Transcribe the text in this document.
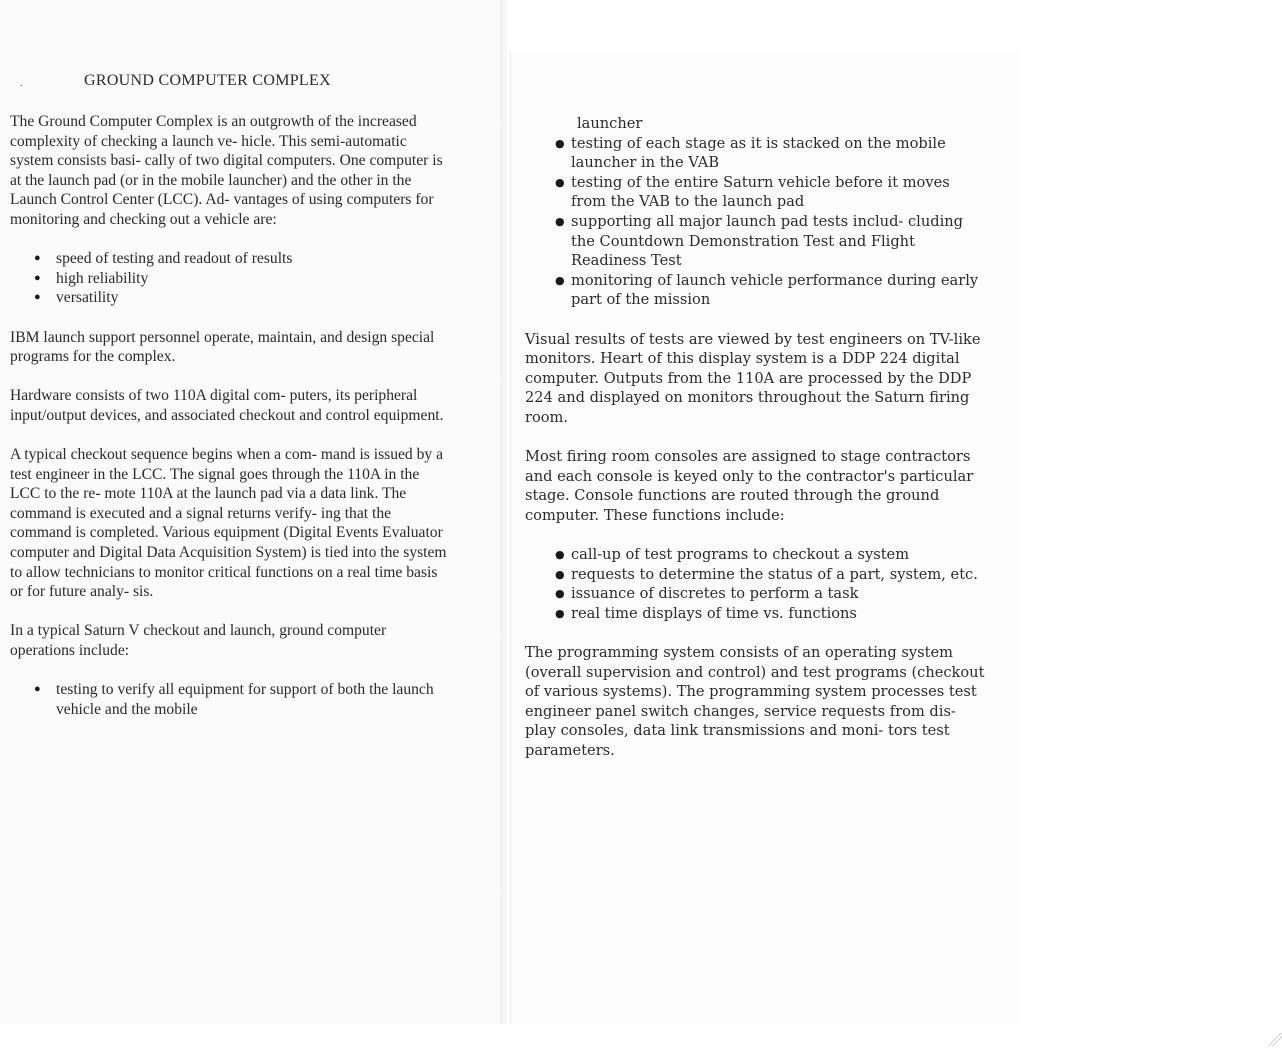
.	GROUND COMPUTER COMPLEX

The Ground Computer Complex is an outgrowth of the increased complexity of checking a launch ve- hicle. This semi-automatic system consists basi- cally of two digital computers. One computer is at the launch pad (or in the mobile launcher) and the other in the Launch Control Center (LCC). Ad- vantages of using computers for monitoring and checking out a vehicle are:

● speed of testing and readout of results
● high reliability
● versatility

IBM launch support personnel operate, maintain, and design special programs for the complex.

Hardware consists of two 110A digital com- puters, its peripheral input/output devices, and associated checkout and control equipment.

A typical checkout sequence begins when a com- mand is issued by a test engineer in the LCC. The signal goes through the 110A in the LCC to the re- mote 110A at the launch pad via a data link. The command is executed and a signal returns verify- ing that the command is completed. Various equipment (Digital Events Evaluator computer and Digital Data Acquisition System) is tied into the system to allow technicians to monitor critical functions on a real time basis or for future analy- sis.

In a typical Saturn V checkout and launch, ground computer operations include:

● testing to verify all equipment for support of both the launch vehicle and the mobile
launcher
● testing of each stage as it is stacked on the mobile launcher in the VAB
● testing of the entire Saturn vehicle before it moves from the VAB to the launch pad
● supporting all major launch pad tests includ- cluding the Countdown Demonstration Test and Flight Readiness Test
● monitoring of launch vehicle performance during early part of the mission

Visual results of tests are viewed by test engineers on TV-like monitors. Heart of this display system is a DDP 224 digital computer. Outputs from the 110A are processed by the DDP 224 and displayed on monitors throughout the Saturn firing room.

Most firing room consoles are assigned to stage contractors and each console is keyed only to the contractor's particular stage. Console functions are routed through the ground computer. These functions include:

● call-up of test programs to checkout a system
● requests to determine the status of a part, system, etc.
● issuance of discretes to perform a task
● real time displays of time vs. functions

The programming system consists of an operating system (overall supervision and control) and test programs (checkout of various systems). The programming system processes test engineer panel switch changes, service requests from dis- play consoles, data link transmissions and moni- tors test parameters.

⁄⁄
